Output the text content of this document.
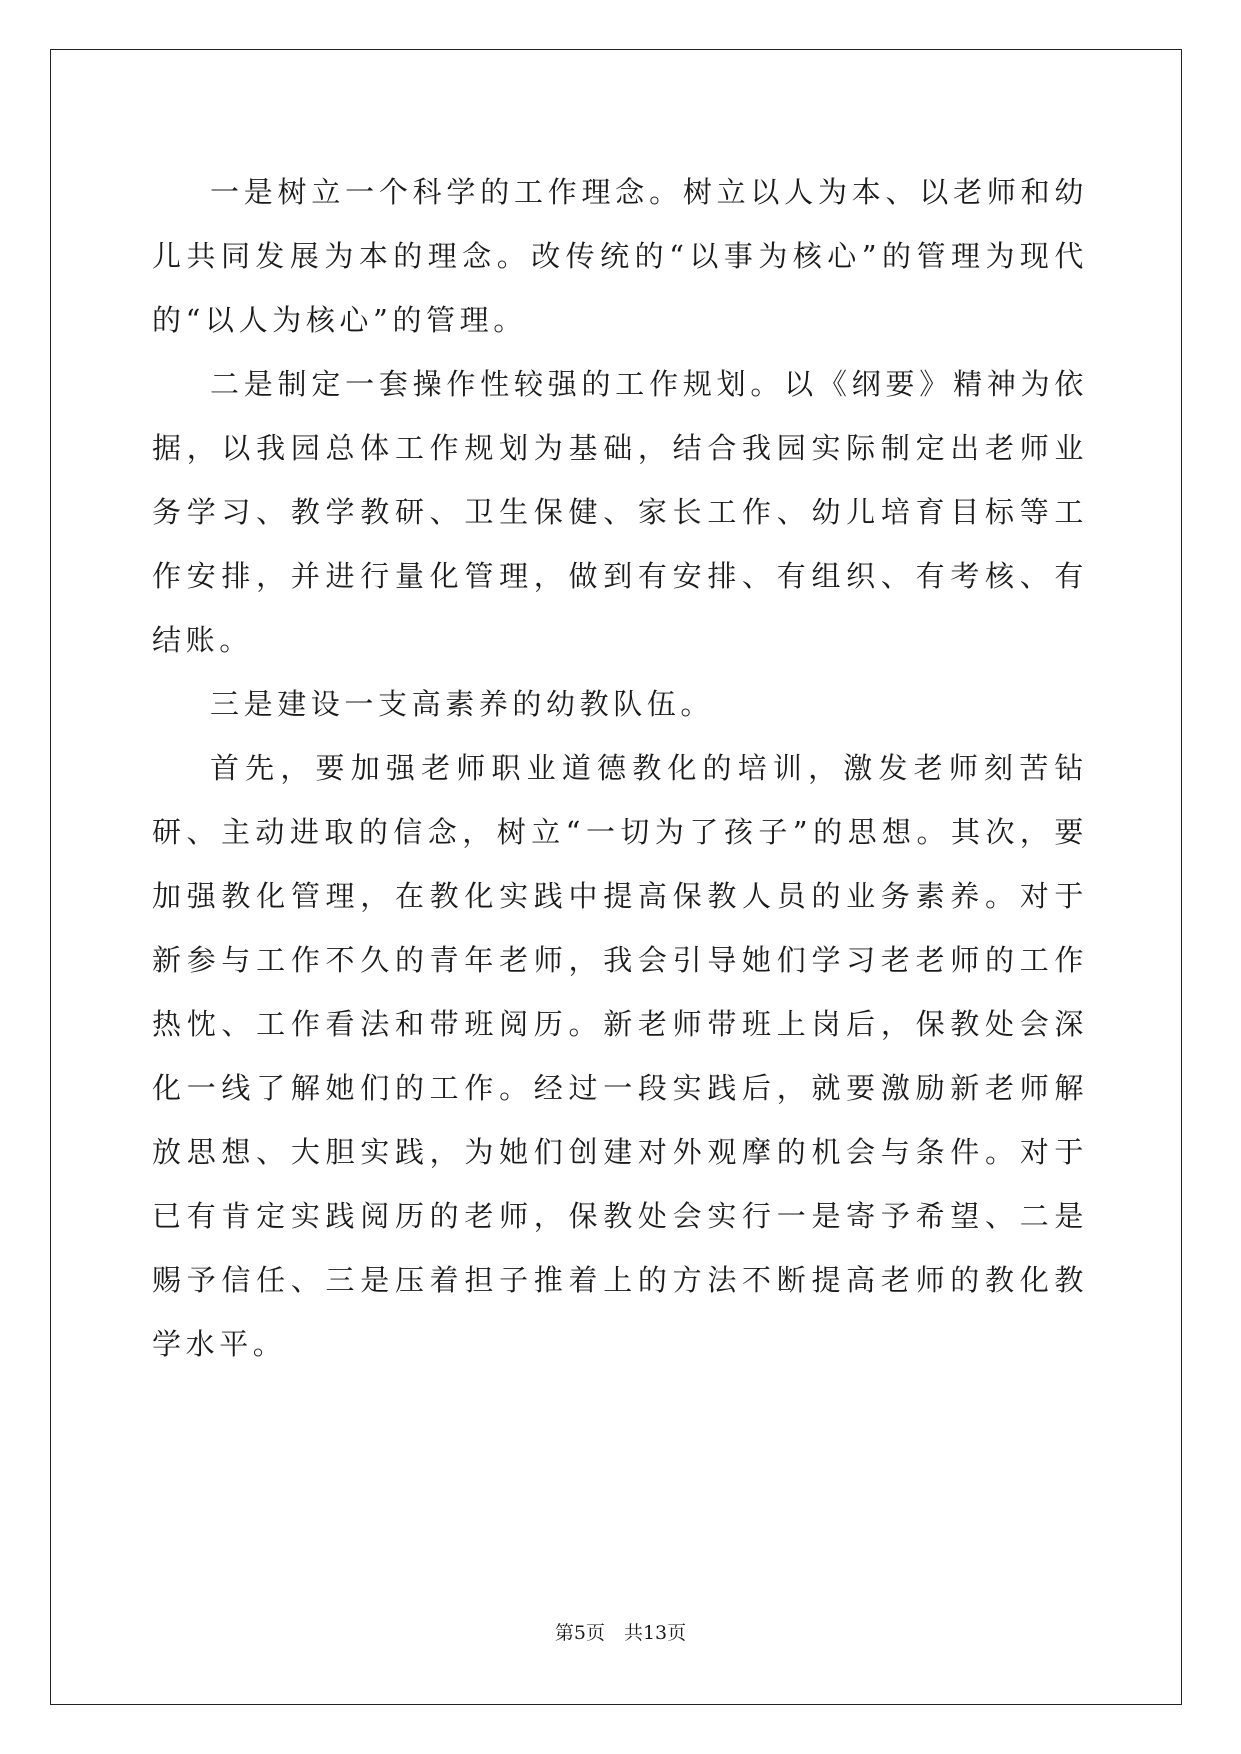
一是树立一个科学的工作理念。树立以人为本、以老师和幼儿共同发展为本的理念。改传统的“以事为核心”的管理为现代的“以人为核心”的管理。

二是制定一套操作性较强的工作规划。以《纲要》精神为依据，以我园总体工作规划为基础，结合我园实际制定出老师业务学习、教学教研、卫生保健、家长工作、幼儿培育目标等工作安排，并进行量化管理，做到有安排、有组织、有考核、有结账。

三是建设一支高素养的幼教队伍。

首先，要加强老师职业道德教化的培训，激发老师刻苦钻研、主动进取的信念，树立“一切为了孩子”的思想。其次，要加强教化管理，在教化实践中提高保教人员的业务素养。对于新参与工作不久的青年老师，我会引导她们学习老老师的工作热忱、工作看法和带班阅历。新老师带班上岗后，保教处会深化一线了解她们的工作。经过一段实践后，就要激励新老师解放思想、大胆实践，为她们创建对外观摩的机会与条件。对于已有肯定实践阅历的老师，保教处会实行一是寄予希望、二是赐予信任、三是压着担子推着上的方法不断提高老师的教化教学水平。

第5页　共13页
